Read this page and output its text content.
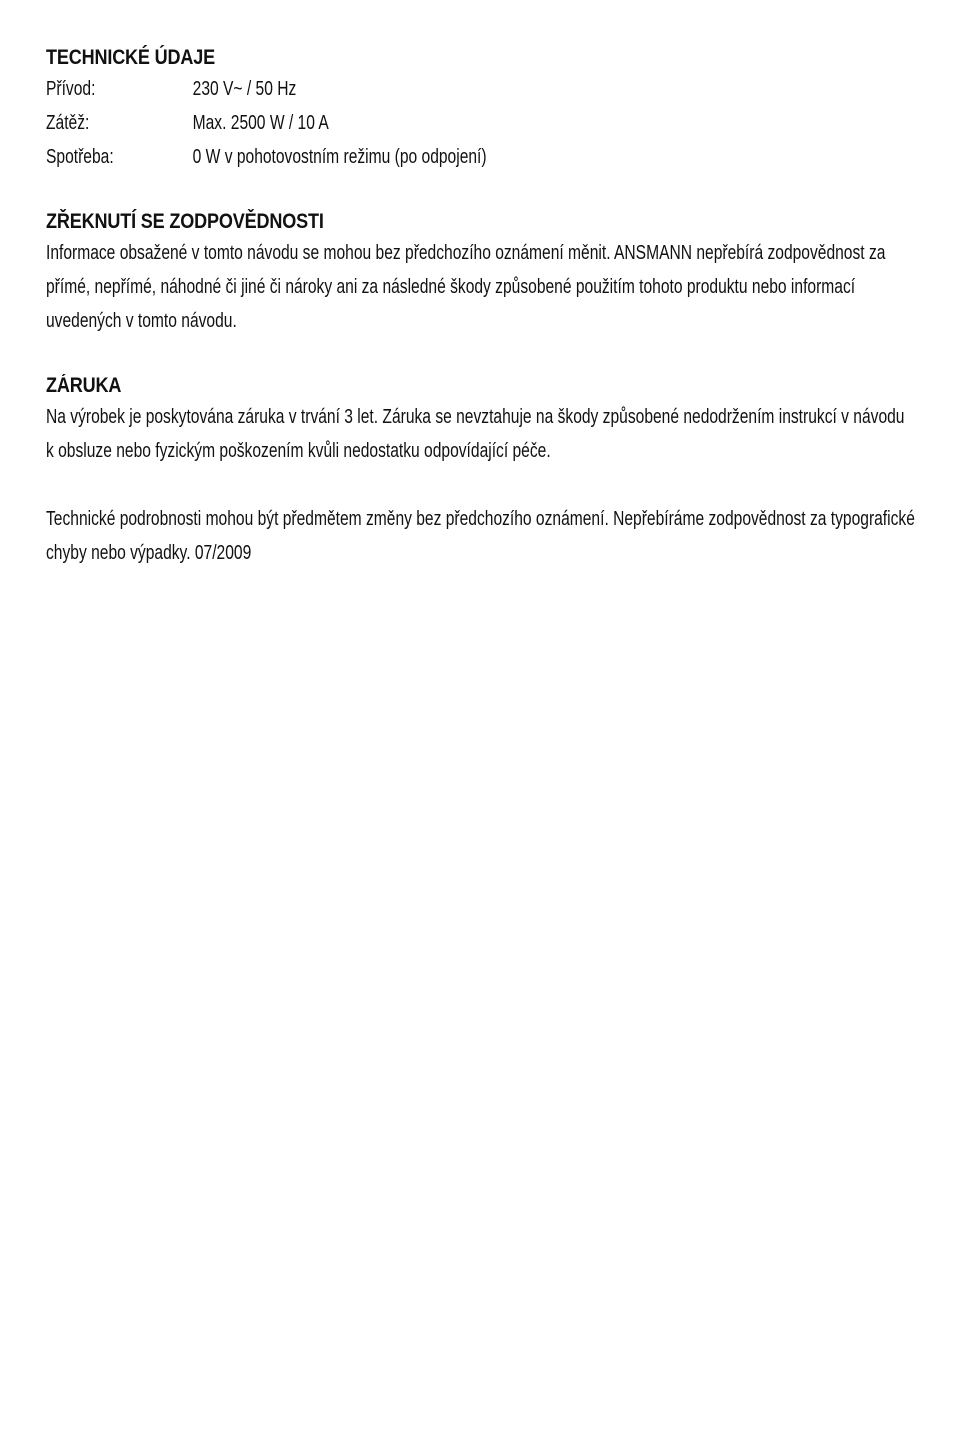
TECHNICKÉ ÚDAJE
Přívod:	230 V~ / 50 Hz
Zátěž:	Max. 2500 W / 10 A
Spotřeba:	0 W v pohotovostním režimu (po odpojení)
ZŘEKNUTÍ SE ZODPOVĚDNOSTI

Informace obsažené v tomto návodu se mohou bez předchozího oznámení měnit. ANSMANN nepřebírá zodpovědnost za přímé, nepřímé, náhodné či jiné či nároky ani za následné škody způsobené použitím tohoto produktu nebo informací uvedených v tomto návodu.

ZÁRUKA

Na výrobek je poskytována záruka v trvání 3 let. Záruka se nevztahuje na škody způsobené nedodržením instrukcí v návodu k obsluze nebo fyzickým poškozením kvůli nedostatku odpovídající péče.

Technické podrobnosti mohou být předmětem změny bez předchozího oznámení. Nepřebíráme zodpovědnost za typografické chyby nebo výpadky. 07/2009
